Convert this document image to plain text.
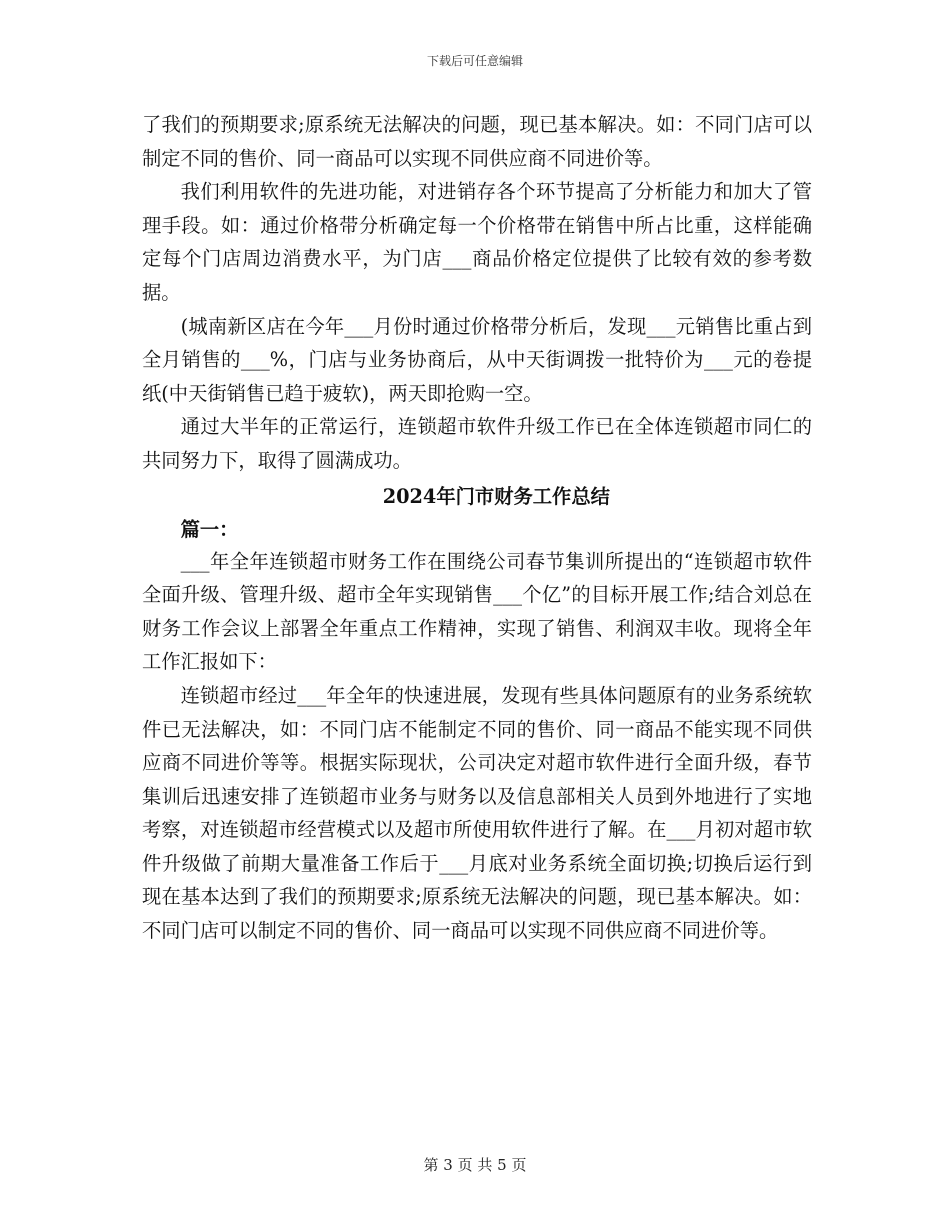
下载后可任意编辑

了我们的预期要求;原系统无法解决的问题，现已基本解决。如：不同门店可以制定不同的售价、同一商品可以实现不同供应商不同进价等。

我们利用软件的先进功能，对进销存各个环节提高了分析能力和加大了管理手段。如：通过价格带分析确定每一个价格带在销售中所占比重，这样能确定每个门店周边消费水平，为门店___商品价格定位提供了比较有效的参考数据。

(城南新区店在今年___月份时通过价格带分析后，发现___元销售比重占到全月销售的___%，门店与业务协商后，从中天街调拨一批特价为___元的卷提纸(中天街销售已趋于疲软)，两天即抢购一空。

通过大半年的正常运行，连锁超市软件升级工作已在全体连锁超市同仁的共同努力下，取得了圆满成功。

2024年门市财务工作总结

篇一：

___年全年连锁超市财务工作在围绕公司春节集训所提出的“连锁超市软件全面升级、管理升级、超市全年实现销售___个亿”的目标开展工作;结合刘总在财务工作会议上部署全年重点工作精神，实现了销售、利润双丰收。现将全年工作汇报如下：

连锁超市经过___年全年的快速进展，发现有些具体问题原有的业务系统软件已无法解决，如：不同门店不能制定不同的售价、同一商品不能实现不同供应商不同进价等等。根据实际现状，公司决定对超市软件进行全面升级，春节集训后迅速安排了连锁超市业务与财务以及信息部相关人员到外地进行了实地考察，对连锁超市经营模式以及超市所使用软件进行了解。在___月初对超市软件升级做了前期大量准备工作后于___月底对业务系统全面切换;切换后运行到现在基本达到了我们的预期要求;原系统无法解决的问题，现已基本解决。如：不同门店可以制定不同的售价、同一商品可以实现不同供应商不同进价等。

第 3 页 共 5 页
